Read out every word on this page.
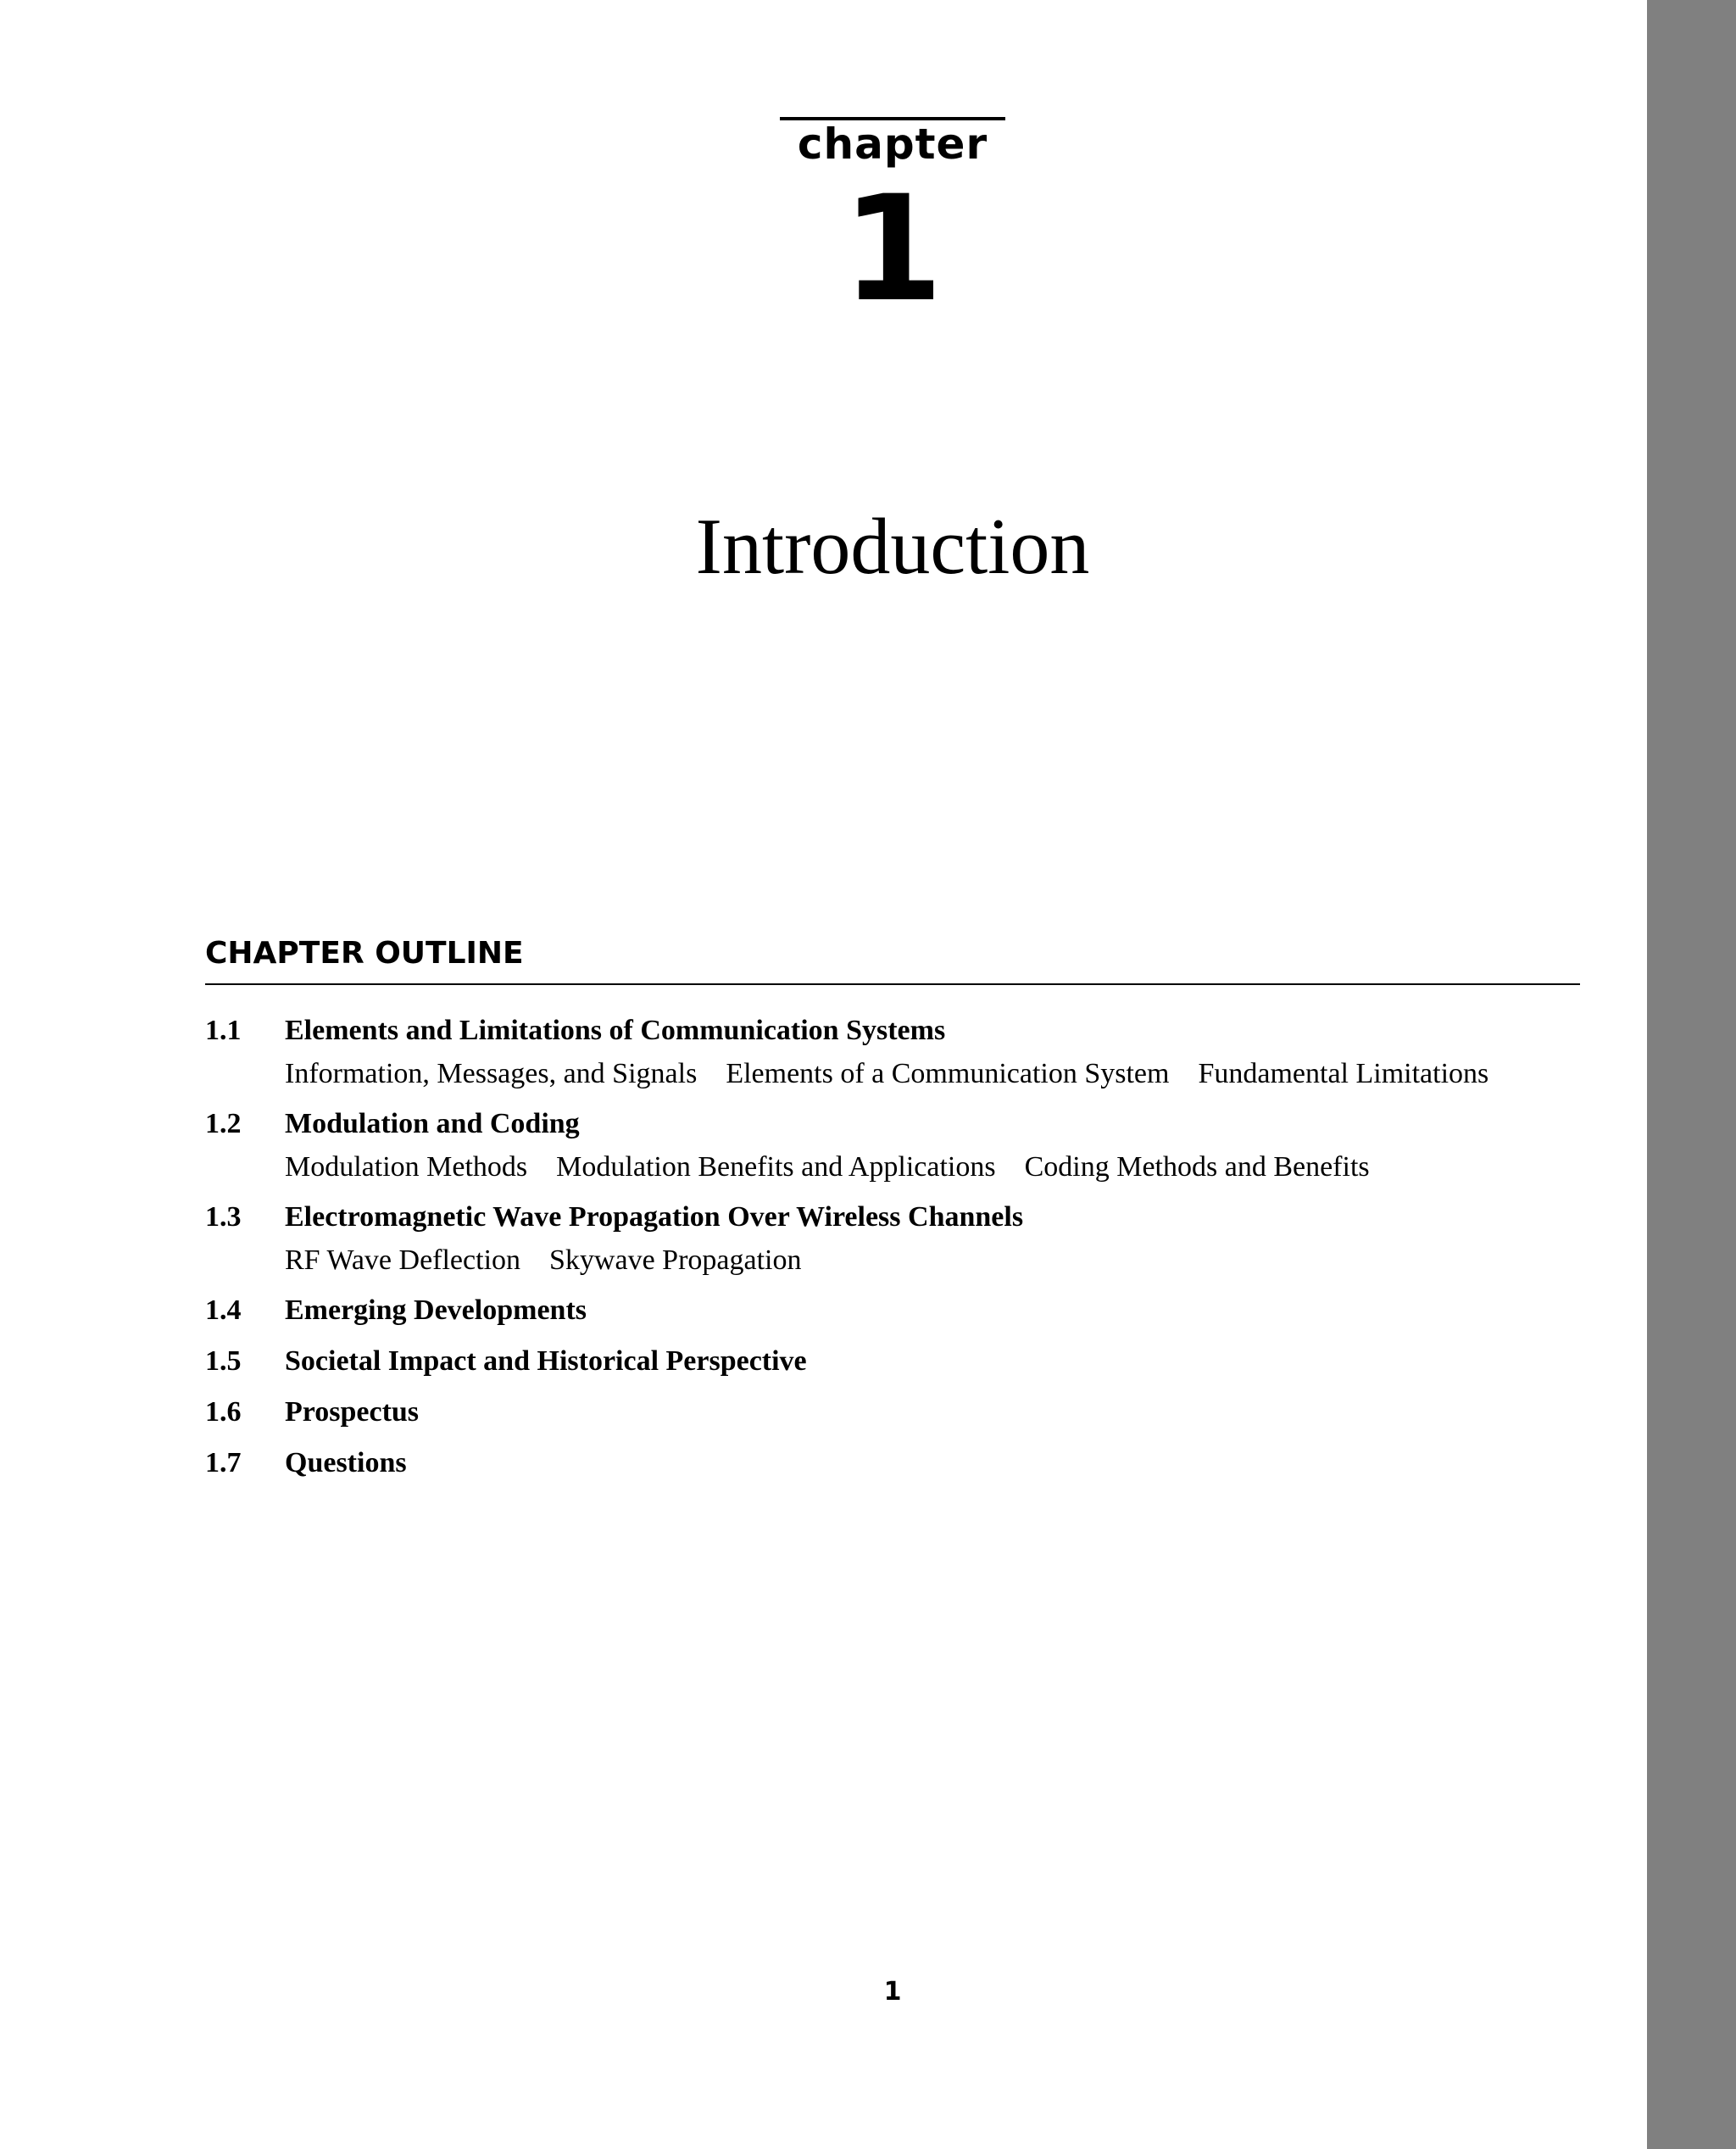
chapter
1
Introduction
CHAPTER OUTLINE
1.1	Elements and Limitations of Communication Systems
Information, Messages, and Signals Elements of a Communication System Fundamental Limitations
1.2	Modulation and Coding
Modulation Methods Modulation Benefits and Applications Coding Methods and Benefits
1.3	Electromagnetic Wave Propagation Over Wireless Channels
RF Wave Deflection Skywave Propagation
1.4	Emerging Developments
1.5	Societal Impact and Historical Perspective
1.6	Prospectus
1.7	Questions
1
